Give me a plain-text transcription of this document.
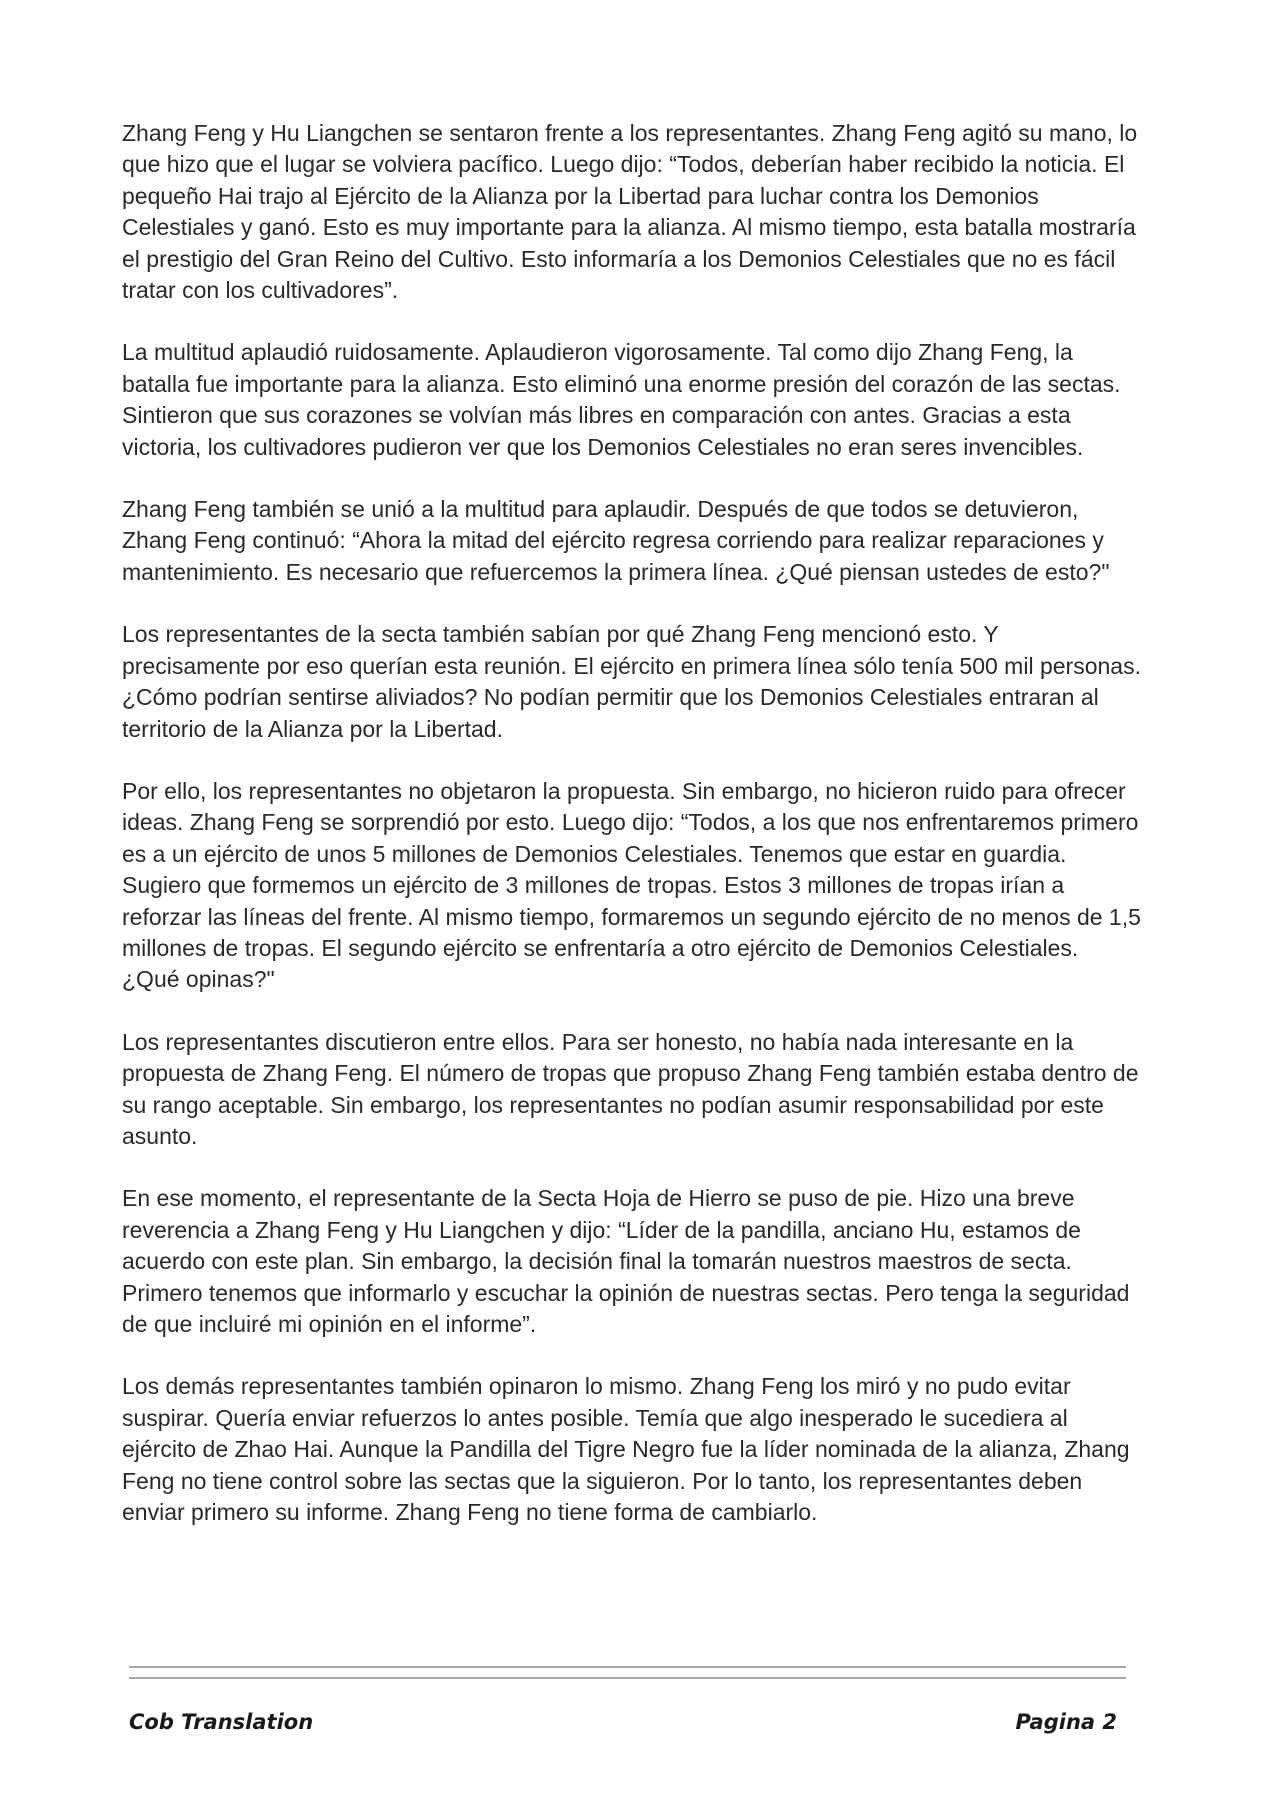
Zhang Feng y Hu Liangchen se sentaron frente a los representantes. Zhang Feng agitó su mano, lo que hizo que el lugar se volviera pacífico. Luego dijo: “Todos, deberían haber recibido la noticia. El pequeño Hai trajo al Ejército de la Alianza por la Libertad para luchar contra los Demonios Celestiales y ganó. Esto es muy importante para la alianza. Al mismo tiempo, esta batalla mostraría el prestigio del Gran Reino del Cultivo. Esto informaría a los Demonios Celestiales que no es fácil tratar con los cultivadores”.

La multitud aplaudió ruidosamente. Aplaudieron vigorosamente. Tal como dijo Zhang Feng, la batalla fue importante para la alianza. Esto eliminó una enorme presión del corazón de las sectas. Sintieron que sus corazones se volvían más libres en comparación con antes. Gracias a esta victoria, los cultivadores pudieron ver que los Demonios Celestiales no eran seres invencibles.

Zhang Feng también se unió a la multitud para aplaudir. Después de que todos se detuvieron, Zhang Feng continuó: “Ahora la mitad del ejército regresa corriendo para realizar reparaciones y mantenimiento. Es necesario que refuercemos la primera línea. ¿Qué piensan ustedes de esto?"

Los representantes de la secta también sabían por qué Zhang Feng mencionó esto. Y precisamente por eso querían esta reunión. El ejército en primera línea sólo tenía 500 mil personas. ¿Cómo podrían sentirse aliviados? No podían permitir que los Demonios Celestiales entraran al territorio de la Alianza por la Libertad.

Por ello, los representantes no objetaron la propuesta. Sin embargo, no hicieron ruido para ofrecer ideas. Zhang Feng se sorprendió por esto. Luego dijo: “Todos, a los que nos enfrentaremos primero es a un ejército de unos 5 millones de Demonios Celestiales. Tenemos que estar en guardia. Sugiero que formemos un ejército de 3 millones de tropas. Estos 3 millones de tropas irían a reforzar las líneas del frente. Al mismo tiempo, formaremos un segundo ejército de no menos de 1,5 millones de tropas. El segundo ejército se enfrentaría a otro ejército de Demonios Celestiales. ¿Qué opinas?"

Los representantes discutieron entre ellos. Para ser honesto, no había nada interesante en la propuesta de Zhang Feng. El número de tropas que propuso Zhang Feng también estaba dentro de su rango aceptable. Sin embargo, los representantes no podían asumir responsabilidad por este asunto.

En ese momento, el representante de la Secta Hoja de Hierro se puso de pie. Hizo una breve reverencia a Zhang Feng y Hu Liangchen y dijo: “Líder de la pandilla, anciano Hu, estamos de acuerdo con este plan. Sin embargo, la decisión final la tomarán nuestros maestros de secta. Primero tenemos que informarlo y escuchar la opinión de nuestras sectas. Pero tenga la seguridad de que incluiré mi opinión en el informe”.

Los demás representantes también opinaron lo mismo. Zhang Feng los miró y no pudo evitar suspirar. Quería enviar refuerzos lo antes posible. Temía que algo inesperado le sucediera al ejército de Zhao Hai. Aunque la Pandilla del Tigre Negro fue la líder nominada de la alianza, Zhang Feng no tiene control sobre las sectas que la siguieron. Por lo tanto, los representantes deben enviar primero su informe. Zhang Feng no tiene forma de cambiarlo.

Cob Translation	Pagina 2
